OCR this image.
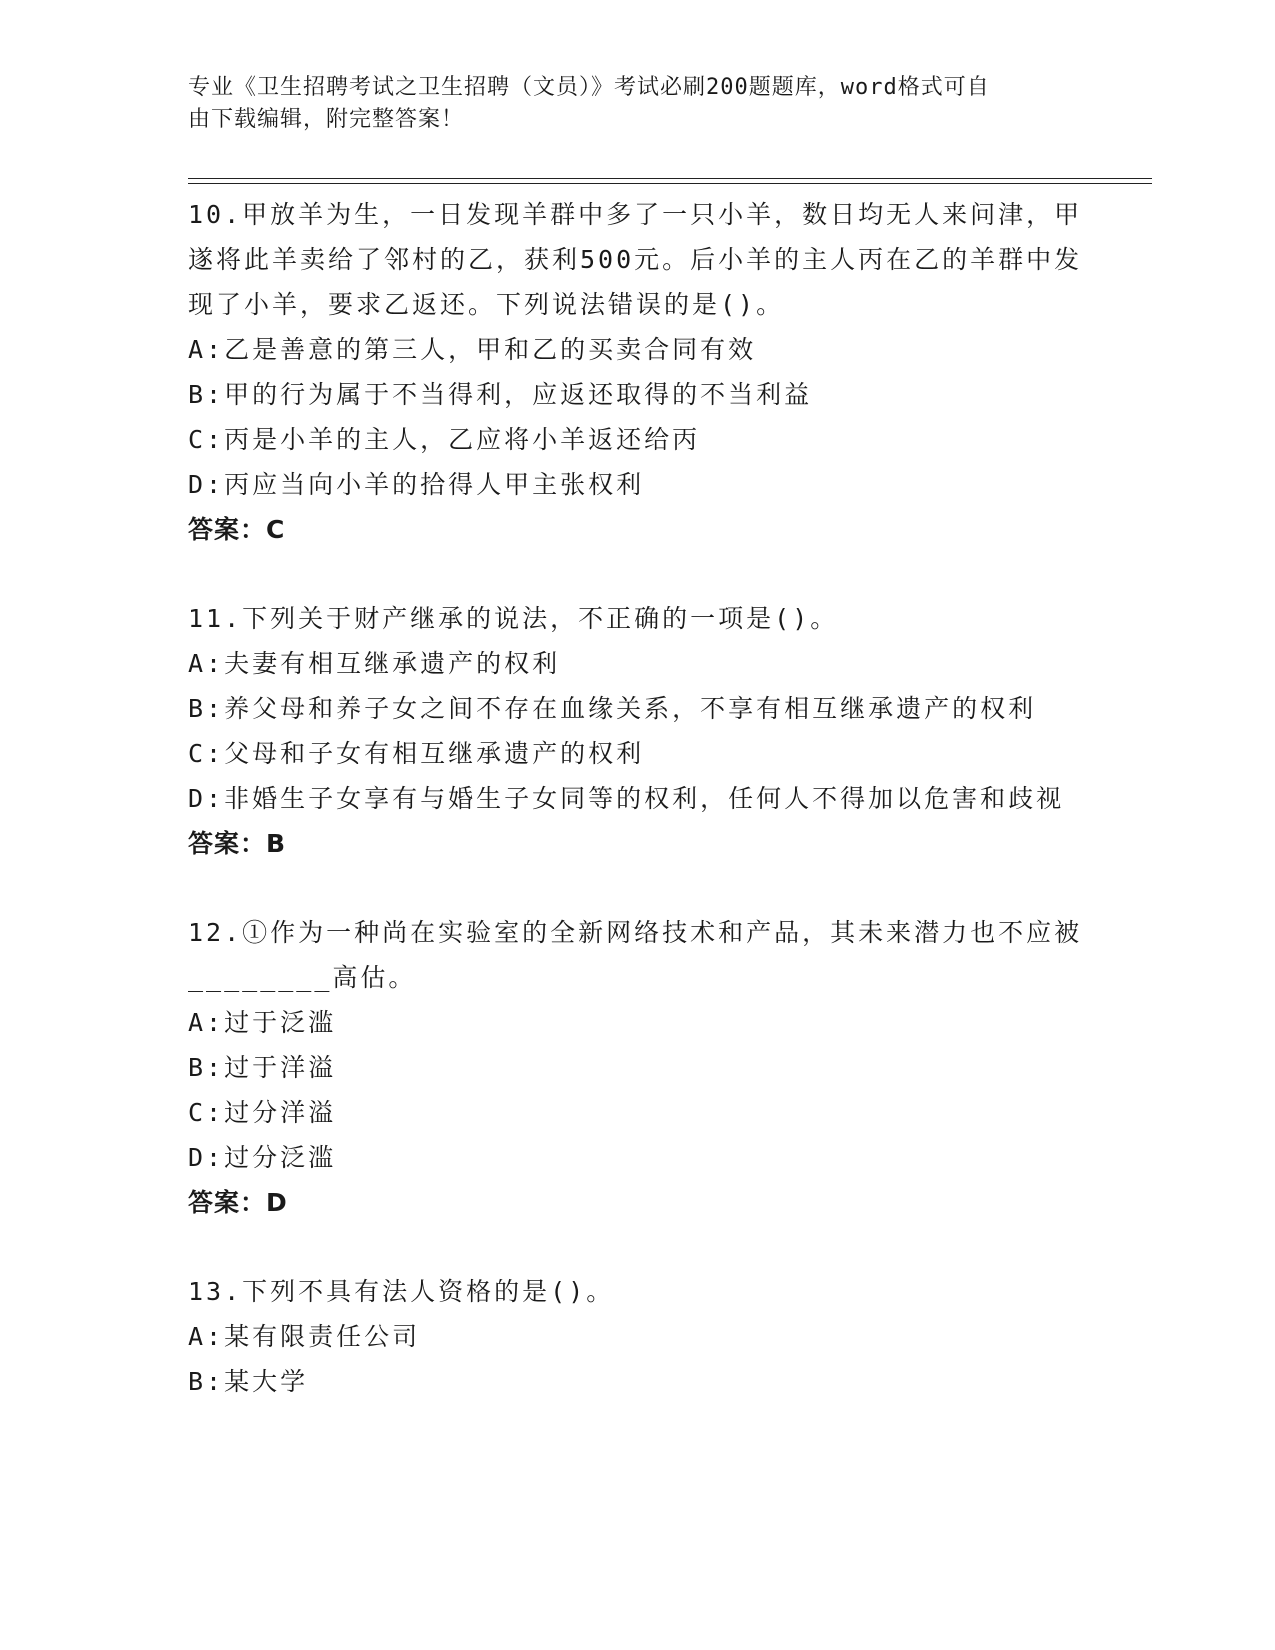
专业《卫生招聘考试之卫生招聘（文员）》考试必刷200题题库，word格式可自
由下载编辑，附完整答案！
10.甲放羊为生，一日发现羊群中多了一只小羊，数日均无人来问津，甲遂将此羊卖给了邻村的乙，获利500元。后小羊的主人丙在乙的羊群中发现了小羊，要求乙返还。下列说法错误的是()。
A:乙是善意的第三人，甲和乙的买卖合同有效
B:甲的行为属于不当得利，应返还取得的不当利益
C:丙是小羊的主人，乙应将小羊返还给丙
D:丙应当向小羊的拾得人甲主张权利
答案：C
11.下列关于财产继承的说法，不正确的一项是()。
A:夫妻有相互继承遗产的权利
B:养父母和养子女之间不存在血缘关系，不享有相互继承遗产的权利
C:父母和子女有相互继承遗产的权利
D:非婚生子女享有与婚生子女同等的权利，任何人不得加以危害和歧视
答案：B
12.①作为一种尚在实验室的全新网络技术和产品，其未来潜力也不应被________高估。
A:过于泛滥
B:过于洋溢
C:过分洋溢
D:过分泛滥
答案：D
13.下列不具有法人资格的是()。
A:某有限责任公司
B:某大学
